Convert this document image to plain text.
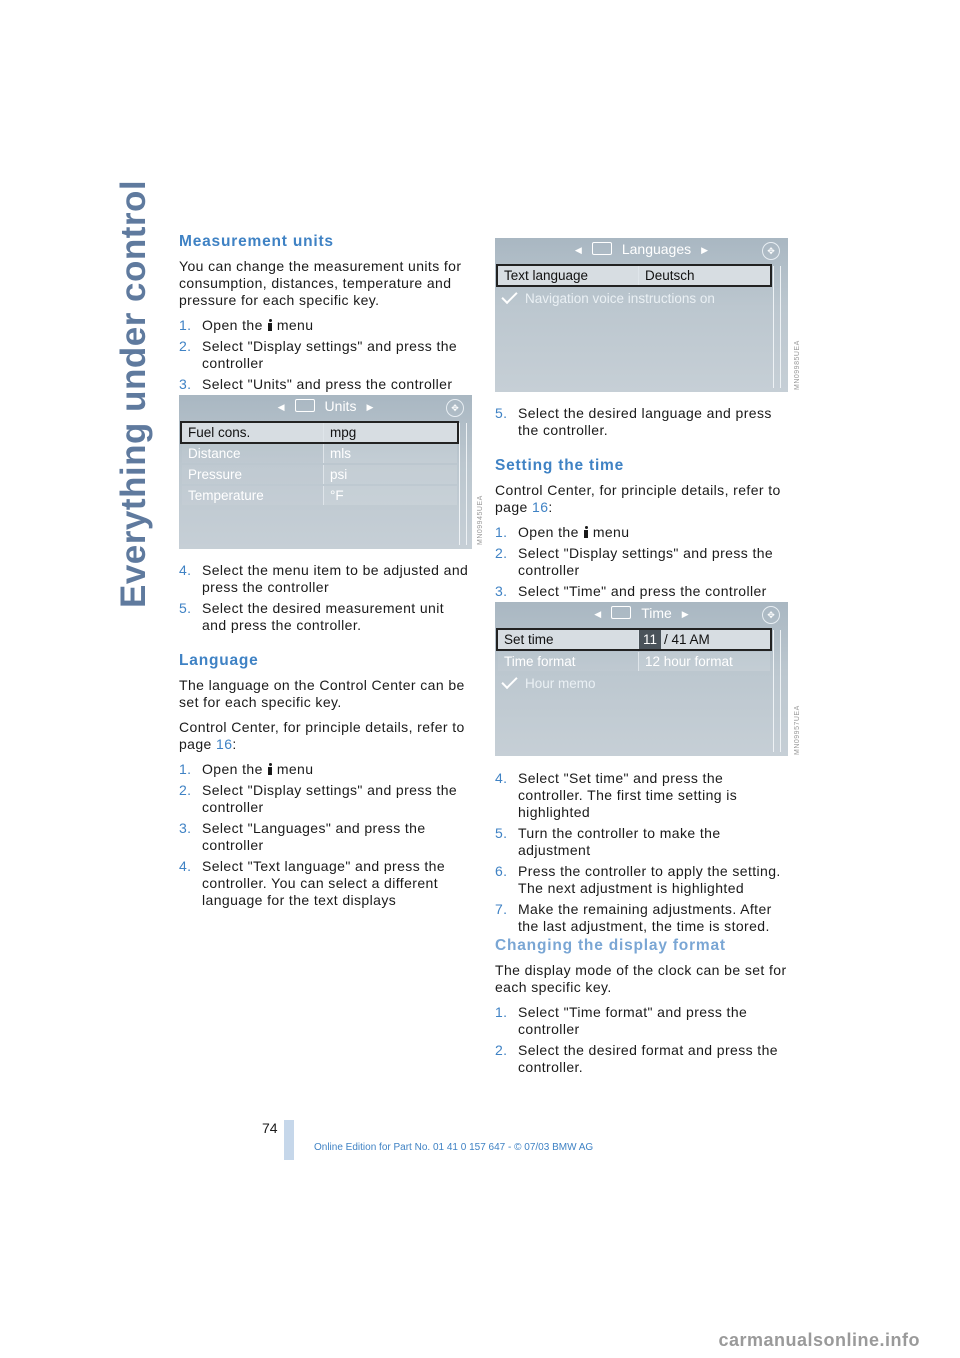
Everything under control Measurement units

You can change the measurement units for consumption, distances, temperature and pressure for each specific key.

1. Open the menu
2. Select "Display settings" and press the controller
3. Select "Units" and press the controller
◀	Units ▶	✥
Fuel cons.	mpg
Distance	mls
Pressure	psi
Temperature	°F	MN09945UEA
4. Select the menu item to be adjusted and press the controller
5. Select the desired measurement unit and press the controller.
Language

The language on the Control Center can be set for each specific key.

Control Center, for principle details, refer to page 16:

1. Open the menu
2. Select "Display settings" and press the controller
3. Select "Languages" and press the controller
4. Select "Text language" and press the controller. You can select a different language for the text displays
◀	Languages ▶	✥
Text language	Deutsch
Navigation voice instructions on
MN09985UEA
5. Select the desired language and press the controller.
Setting the time

Control Center, for principle details, refer to page 16:

1. Open the menu
2. Select "Display settings" and press the controller
3. Select "Time" and press the controller
◀	Time ▶	✥
Set time	11 / 41 AM
Time format	12 hour format
Hour memo
MN09957UEA
4. Select "Set time" and press the controller. The first time setting is highlighted
5. Turn the controller to make the adjustment
6. Press the controller to apply the setting. The next adjustment is highlighted
7. Make the remaining adjustments. After the last adjustment, the time is stored.
Changing the display format

The display mode of the clock can be set for each specific key.

1. Select "Time format" and press the controller
2. Select the desired format and press the controller.
74
Online Edition for Part No. 01 41 0 157 647 - © 07/03 BMW AG
carmanualsonline.info
